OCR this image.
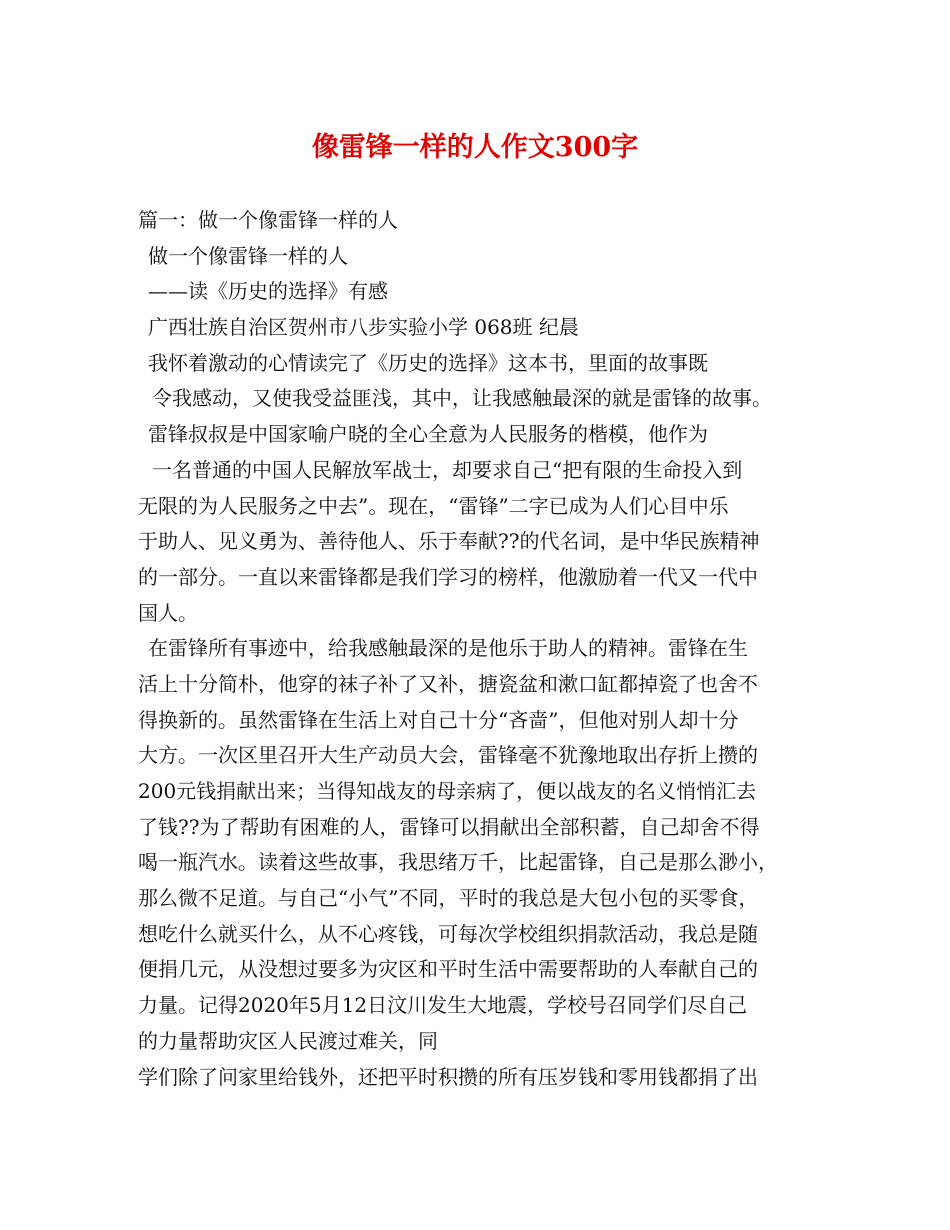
像雷锋一样的人作文300字
篇一：做一个像雷锋一样的人
做一个像雷锋一样的人
——读《历史的选择》有感
广西壮族自治区贺州市八步实验小学 068班 纪晨
我怀着激动的心情读完了《历史的选择》这本书，里面的故事既
令我感动，又使我受益匪浅，其中，让我感触最深的就是雷锋的故事。
雷锋叔叔是中国家喻户晓的全心全意为人民服务的楷模，他作为
一名普通的中国人民解放军战士，却要求自己“把有限的生命投入到
无限的为人民服务之中去”。现在，“雷锋”二字已成为人们心目中乐
于助人、见义勇为、善待他人、乐于奉献??的代名词，是中华民族精神
的一部分。一直以来雷锋都是我们学习的榜样，他激励着一代又一代中
国人。
在雷锋所有事迹中，给我感触最深的是他乐于助人的精神。雷锋在生
活上十分简朴，他穿的袜子补了又补，搪瓷盆和漱口缸都掉瓷了也舍不
得换新的。虽然雷锋在生活上对自己十分“吝啬”，但他对别人却十分
大方。一次区里召开大生产动员大会，雷锋毫不犹豫地取出存折上攒的
200元钱捐献出来；当得知战友的母亲病了，便以战友的名义悄悄汇去
了钱??为了帮助有困难的人，雷锋可以捐献出全部积蓄，自己却舍不得
喝一瓶汽水。读着这些故事，我思绪万千，比起雷锋，自己是那么渺小，
那么微不足道。与自己“小气”不同，平时的我总是大包小包的买零食，
想吃什么就买什么，从不心疼钱，可每次学校组织捐款活动，我总是随
便捐几元，从没想过要多为灾区和平时生活中需要帮助的人奉献自己的
力量。记得2020年5月12日汶川发生大地震，学校号召同学们尽自己
的力量帮助灾区人民渡过难关，同
学们除了问家里给钱外，还把平时积攒的所有压岁钱和零用钱都捐了出
